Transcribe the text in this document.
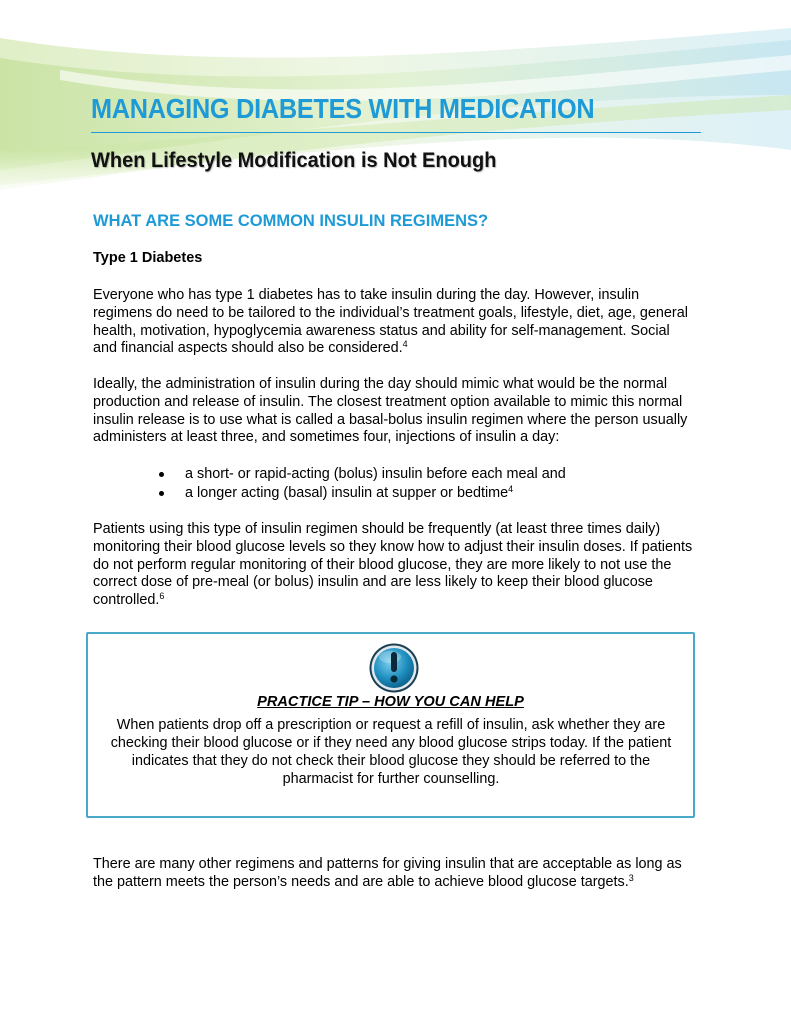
MANAGING DIABETES WITH MEDICATION
When Lifestyle Modification is Not Enough
WHAT ARE SOME COMMON INSULIN REGIMENS?
Type 1 Diabetes
Everyone who has type 1 diabetes has to take insulin during the day. However, insulin regimens do need to be tailored to the individual’s treatment goals, lifestyle, diet, age, general health, motivation, hypoglycemia awareness status and ability for self-management. Social and financial aspects should also be considered.$^4$
Ideally, the administration of insulin during the day should mimic what would be the normal production and release of insulin. The closest treatment option available to mimic this normal insulin release is to use what is called a basal-bolus insulin regimen where the person usually administers at least three, and sometimes four, injections of insulin a day:
a short- or rapid-acting (bolus) insulin before each meal and
a longer acting (basal) insulin at supper or bedtime$^4$
Patients using this type of insulin regimen should be frequently (at least three times daily) monitoring their blood glucose levels so they know how to adjust their insulin doses. If patients do not perform regular monitoring of their blood glucose, they are more likely to not use the correct dose of pre-meal (or bolus) insulin and are less likely to keep their blood glucose controlled.$^6$
PRACTICE TIP – HOW YOU CAN HELP
When patients drop off a prescription or request a refill of insulin, ask whether they are checking their blood glucose or if they need any blood glucose strips today. If the patient indicates that they do not check their blood glucose they should be referred to the pharmacist for further counselling.
There are many other regimens and patterns for giving insulin that are acceptable as long as the pattern meets the person’s needs and are able to achieve blood glucose targets.$^3$
